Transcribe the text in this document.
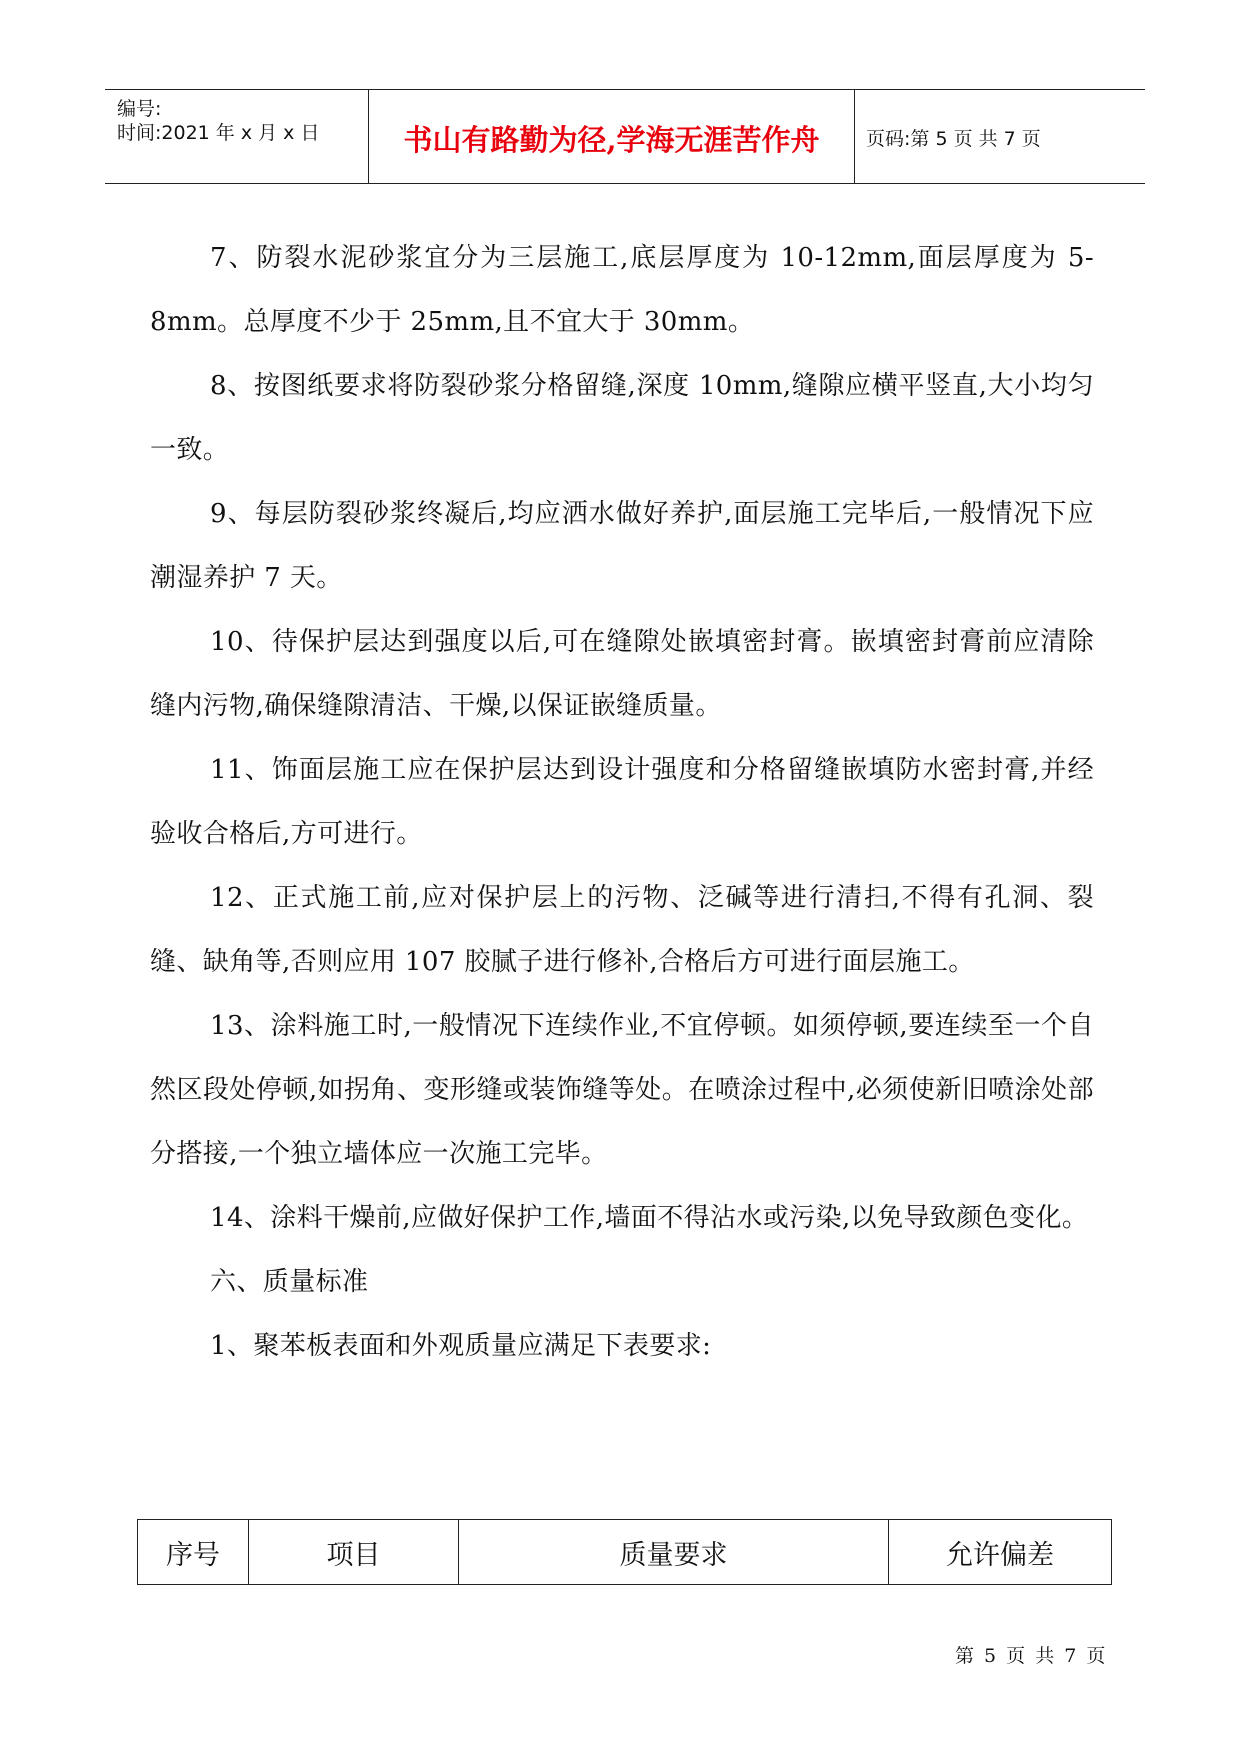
编号:
时间:2021 年 x 月 x 日	书山有路勤为径,学海无涯苦作舟	页码:第 5 页 共 7 页

7、防裂水泥砂浆宜分为三层施工,底层厚度为 10-12mm,面层厚度为 5-8mm。总厚度不少于 25mm,且不宜大于 30mm。

8、按图纸要求将防裂砂浆分格留缝,深度 10mm,缝隙应横平竖直,大小均匀一致。

9、每层防裂砂浆终凝后,均应洒水做好养护,面层施工完毕后,一般情况下应潮湿养护 7 天。

10、待保护层达到强度以后,可在缝隙处嵌填密封膏。嵌填密封膏前应清除缝内污物,确保缝隙清洁、干燥,以保证嵌缝质量。

11、饰面层施工应在保护层达到设计强度和分格留缝嵌填防水密封膏,并经验收合格后,方可进行。

12、正式施工前,应对保护层上的污物、泛碱等进行清扫,不得有孔洞、裂缝、缺角等,否则应用 107 胶腻子进行修补,合格后方可进行面层施工。

13、涂料施工时,一般情况下连续作业,不宜停顿。如须停顿,要连续至一个自然区段处停顿,如拐角、变形缝或装饰缝等处。在喷涂过程中,必须使新旧喷涂处部分搭接,一个独立墙体应一次施工完毕。

14、涂料干燥前,应做好保护工作,墙面不得沾水或污染,以免导致颜色变化。

六、质量标准

1、聚苯板表面和外观质量应满足下表要求:

序号	项目	质量要求	允许偏差
第 5 页 共 7 页
